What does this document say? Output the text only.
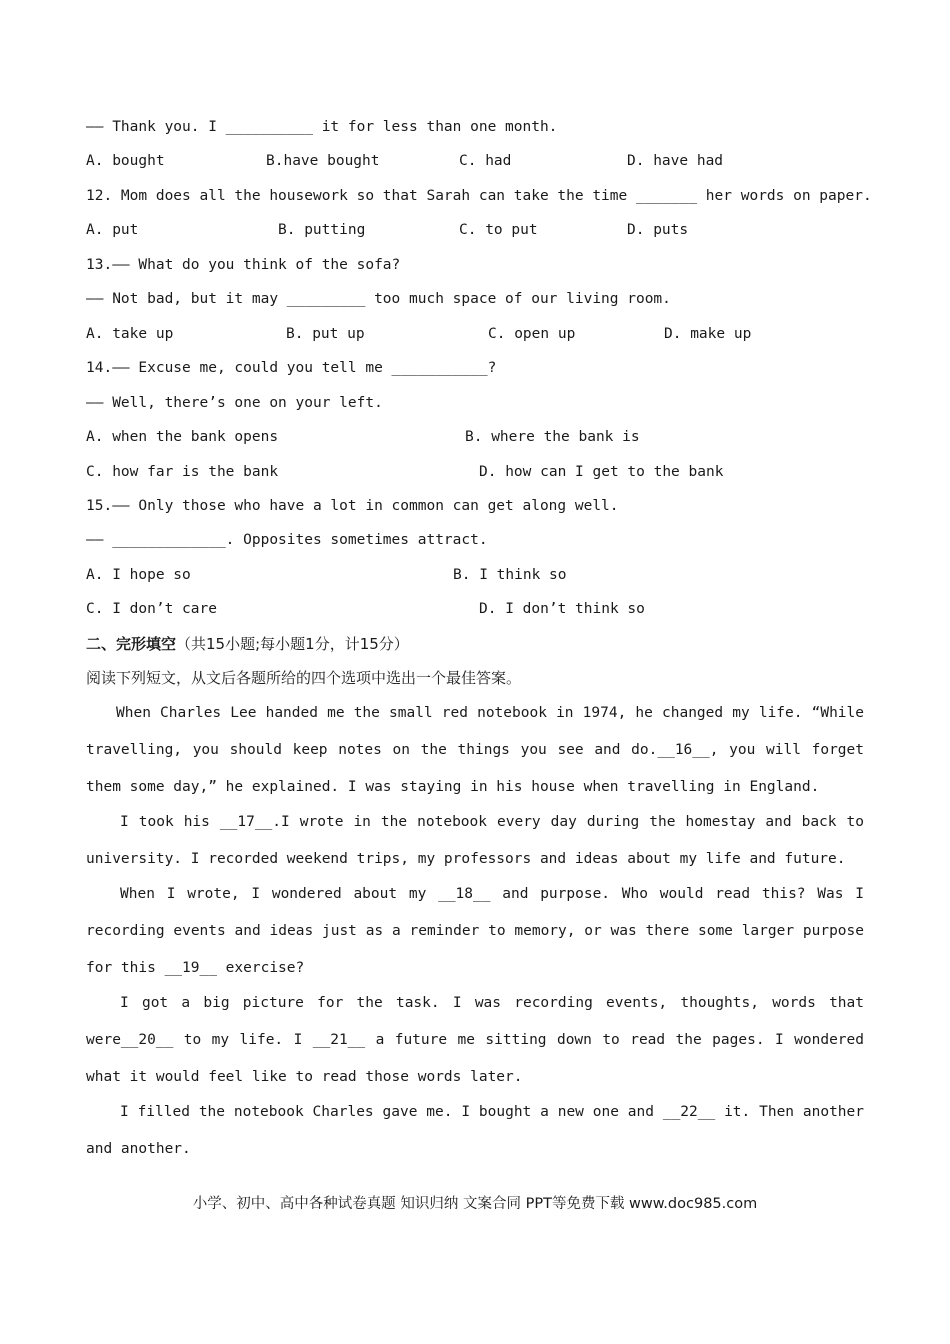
—— Thank you. I __________ it for less than one month.
A. bought	B.have bought	C. had	D. have had
12. Mom does all the housework so that Sarah can take the time _______ her words on paper.
A. put	B. putting	C. to put	D. puts
13.—— What do you think of the sofa?
—— Not bad, but it may _________ too much space of our living room.
A. take up	B. put up	C. open up	D. make up
14.—— Excuse me, could you tell me ___________?
—— Well, there’s one on your left.
A. when the bank opens	B. where the bank is
C. how far is the bank	D. how can I get to the bank
15.—— Only those who have a lot in common can get along well.
—— _____________. Opposites sometimes attract.
A. I hope so	B. I think so
C. I don’t care	D. I don’t think so
二、完形填空（共15小题;每小题1分，计15分）
阅读下列短文，从文后各题所给的四个选项中选出一个最佳答案。
When Charles Lee handed me the small red notebook in 1974, he changed my life. “While travelling, you should keep notes on the things you see and do.__16__, you will forget them some day,” he explained. I was staying in his house when travelling in England.
I took his __17__.I wrote in the notebook every day during the homestay and back to university. I recorded weekend trips, my professors and ideas about my life and future.
When I wrote, I wondered about my __18__ and purpose. Who would read this? Was I recording events and ideas just as a reminder to memory, or was there some larger purpose for this __19__ exercise?
I got a big picture for the task. I was recording events, thoughts, words that were__20__ to my life. I __21__ a future me sitting down to read the pages. I wondered what it would feel like to read those words later.
I filled the notebook Charles gave me. I bought a new one and __22__ it. Then another and another.
小学、初中、高中各种试卷真题 知识归纳 文案合同 PPT等免费下载 www.doc985.com
